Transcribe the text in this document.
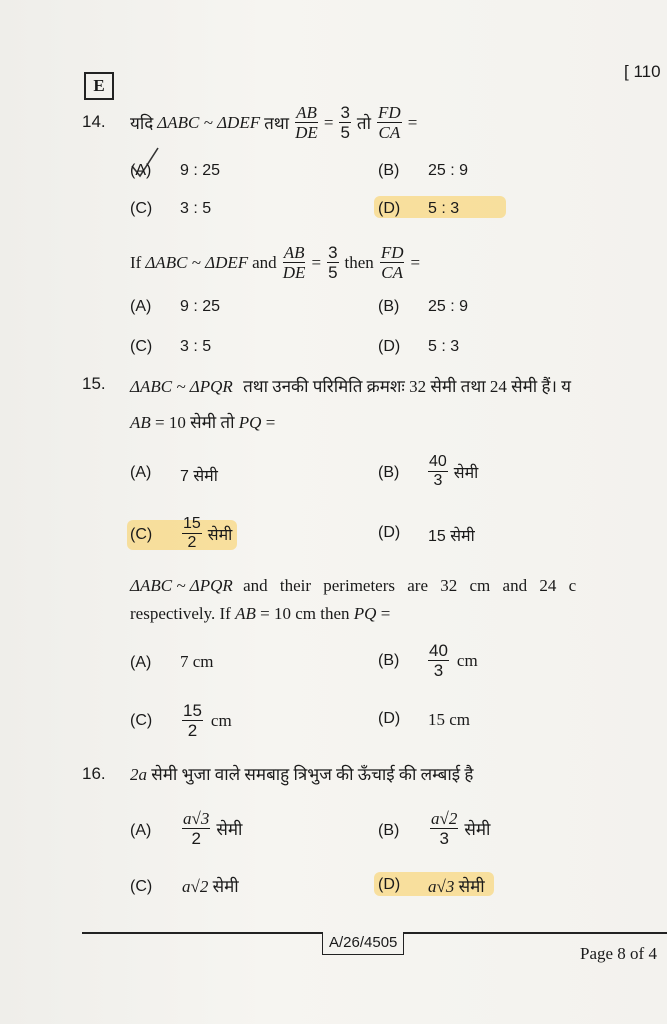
E
[ 110
14. यदि ΔABC ~ ΔDEF तथा $\frac{AB}{DE} = \frac{3}{5}$ तो $\frac{FD}{CA}$ =
(A) 9 : 25	(B) 25 : 9
(C) 3 : 5	(D) 5 : 3
If ΔABC ~ ΔDEF and $\frac{AB}{DE} = \frac{3}{5}$ then $\frac{FD}{CA}$ =
(A) 9 : 25	(B) 25 : 9
(C) 3 : 5	(D) 5 : 3
15. ΔABC ~ ΔPQR तथा उनकी परिमिति क्रमशः 32 सेमी तथा 24 सेमी हैं। य
AB = 10 सेमी तो PQ =
(A) 7 सेमी	$(B) \frac{40}{3}$ सेमी
$(C) \frac{15}{2}$ सेमी	(D) 15 सेमी
ΔABC ~ ΔPQR and their perimeters are 32 cm and 24 c
respectively. If AB = 10 cm then PQ =
(A) 7 cm	$(B) \frac{40}{3}$ cm
$(C) \frac{15}{2}$ cm	(D) 15 cm
16. 2a सेमी भुजा वाले समबाहु त्रिभुज की ऊँचाई की लम्बाई है
$(A) \frac{a√3}{2}$ सेमी	$(B) \frac{a√2}{3}$ सेमी
(C) a√2 सेमी	(D) a√3 सेमी
A/26/4505
Page 8 of 4
